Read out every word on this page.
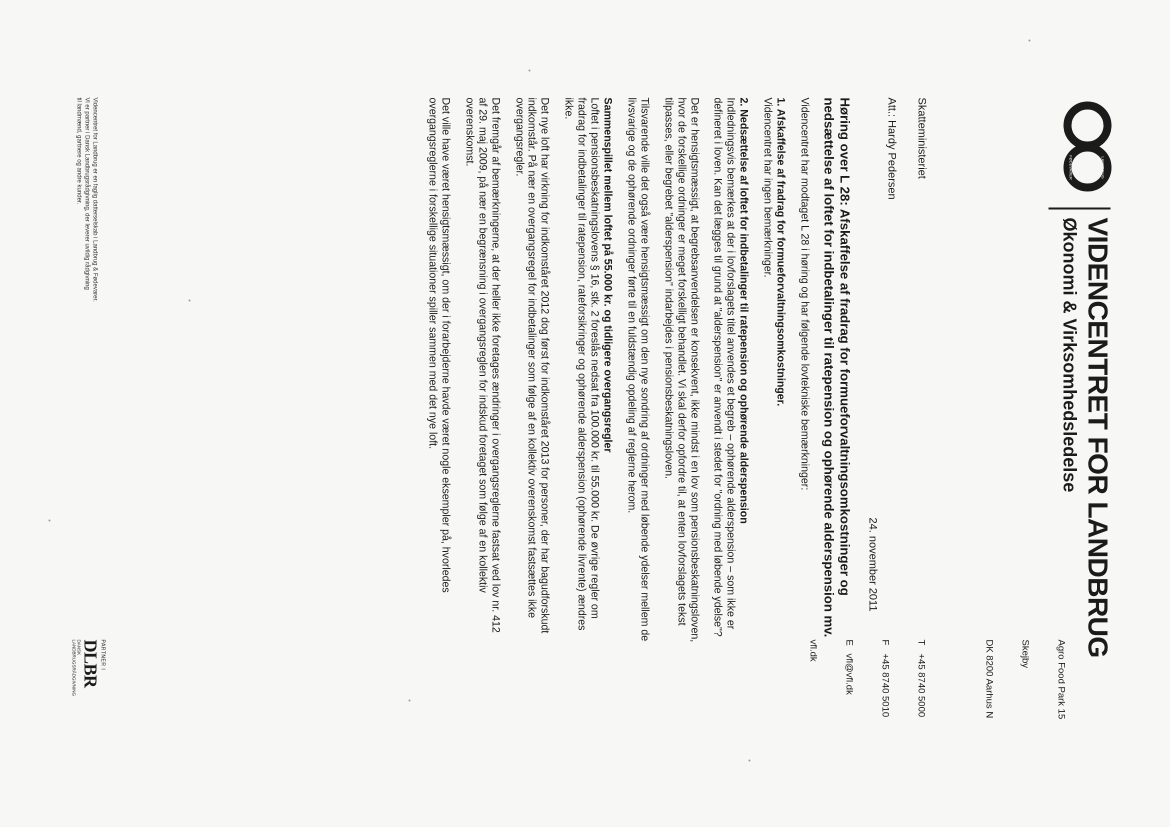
LANDBRUG
FØDEVARER
VIDENCENTRET FOR LANDBRUG
Økonomi & Virksomhedsledelse

Agro Food Park 15

Skejby

DK 8200 Aarhus N

T+45 8740 5000

F+45 8740 5010

Evfl@vfl.dk

vfl.dk

Skatteministeriet
Att.: Hardy Pedersen
24. november 2011
Høring over L 28: Afskaffelse af fradrag for formueforvaltningsomkostninger og nedsættelse af loftet for indbetalinger til ratepension og ophørende alderspension mv.

Videncentret har modtaget L 28 i høring og har følgende lovtekniske bemærkninger:

1. Afskaffelse af fradrag for formueforvaltningsomkostninger.
Videncentret har ingen bemærkninger.
2. Nedsættelse af loftet for indbetalinger til ratepension og ophørende alderspension

Indledningsvis bemærkes at der i lovforslagets titel anvendes et begreb – ophørende alderspension – som ikke er defineret i loven. Kan det lægges til grund at "alderspension" er anvendt i stedet for "ordning med løbende ydelse"?

Det er hensigtsmæssigt, at begrebsanvendelsen er konsekvent, ikke mindst i en lov som pensionsbeskatningsloven, hvor de forskellige ordninger er meget forskelligt behandlet. Vi skal derfor opfordre til, at enten lovforslagets tekst tilpasses, eller begrebet "alderspension" indarbejdes i pensionsbeskatningsloven.

Tilsvarende ville det også være hensigtsmæssigt om den nye sondring af ordninger med løbende ydelser mellem de livsvarige og de ophørende ordninger førte til en fuldstændig opdeling af reglerne herom.

Sammenspillet mellem loftet på 55.000 kr. og tidligere overgangsregler

Loftet i pensionsbeskatningslovens § 16, stk. 2 foreslås nedsat fra 100.000 kr. til 55.000 kr. De øvrige regler om fradrag for indbetalinger til ratepension, rateforsikringer og ophørende alderspension (ophørende livrente) ændres ikke.

Det nye loft har virkning for indkomståret 2012 dog først for indkomståret 2013 for personer, der har bagudforskudt indkomstår. På nær en overgangsregel for indbetalinger som følge af en kollektiv overenskomst fastsættes ikke overgangsregler.

Det fremgår af bemærkningerne, at der heller ikke foretages ændringer i overgangsreglerne fastsat ved lov nr. 412 af 29. maj 2009, på nær en begrænsning i overgangsreglen for indskud foretaget som følge af en kollektiv overenskomst.

Det ville have været hensigtsmæssigt, om der i forarbejderne havde været nogle eksempler på, hvorledes overgangsreglerne i forskellige situationer spiller sammen med det nye loft.

Videncentret for Landbrug er en faglig datterselskab i Landbrug & Fødevarer.
Vi er partner i Dansk Landbrugsrådgivning, der leverer uvildig rådgivning
til landmænd, gartnere og andre kunder.
PARTNER I
DLBR
DANSK LANDBRUGSRÅDGIVNING
